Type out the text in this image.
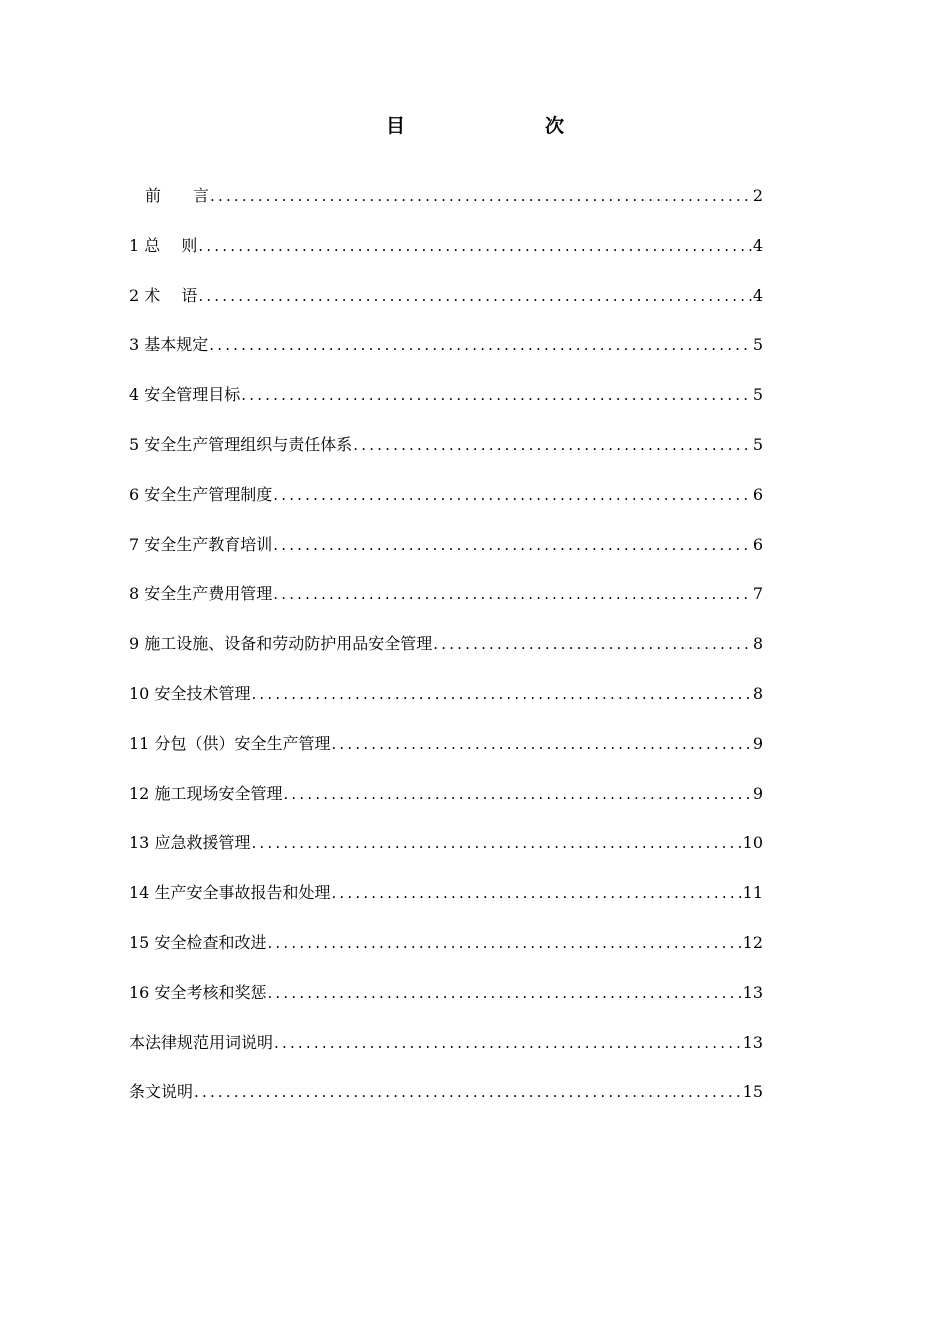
目　　次
　前　　言 .....	2
1 总　 则 .....	4
2 术　 语 .....	4
3 基本规定 .....	5
4 安全管理目标 .....	5
5 安全生产管理组织与责任体系 .....	5
6 安全生产管理制度 .....	6
7 安全生产教育培训 .....	6
8 安全生产费用管理 .....	7
9 施工设施、设备和劳动防护用品安全管理 .....	8
10 安全技术管理 .....	8
11 分包（供）安全生产管理 .....	9
12 施工现场安全管理 .....	9
13 应急救援管理 .....	10
14 生产安全事故报告和处理 .....	11
15 安全检查和改进 .....	12
16 安全考核和奖惩 .....	13
本法律规范用词说明 .....	13
条文说明 .....	15
